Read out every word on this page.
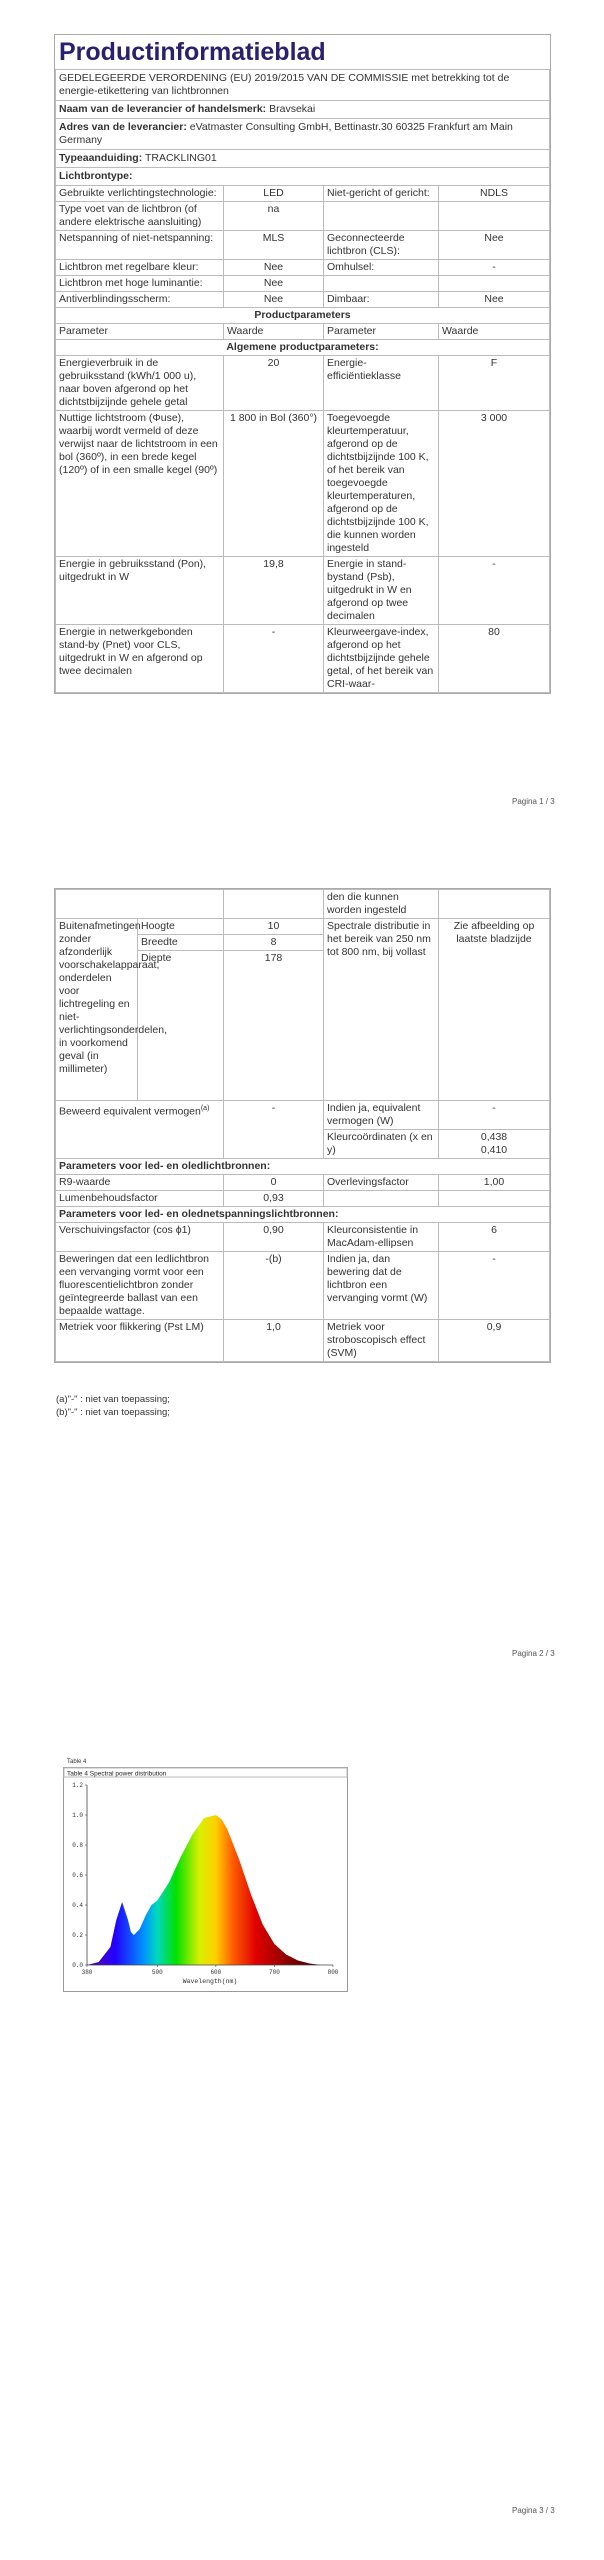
Productinformatieblad
GEDELEGEERDE VERORDENING (EU) 2019/2015 VAN DE COMMISSIE met betrekking tot de energie-etikettering van lichtbronnen			
Naam van de leverancier of handelsmerk: Bravsekai			
Adres van de leverancier: eVatmaster Consulting GmbH, Bettinastr.30 60325 Frankfurt am Main Germany			
Typeaanduiding: TRACKLING01			
Lichtbrontype:			
Gebruikte verlichtingstechnologie:	LED	Niet-gericht of gericht:	NDLS
Type voet van de lichtbron (of andere elektrische aansluiting)	na		
Netspanning of niet-netspanning:	MLS	Geconnecteerde lichtbron (CLS):	Nee
Lichtbron met regelbare kleur:	Nee	Omhulsel:	-
Lichtbron met hoge luminantie:	Nee		
Antiverblindingsscherm:	Nee	Dimbaar:	Nee
Productparameters			
Parameter	Waarde	Parameter	Waarde
Algemene productparameters:			
Energieverbruik in de gebruiksstand (kWh/1 000 u), naar boven afgerond op het dichtstbijzijnde gehele getal	20	Energie-efficiëntieklasse	F
Nuttige lichtstroom (Φuse), waarbij wordt vermeld of deze verwijst naar de lichtstroom in een bol (360º), in een brede kegel (120º) of in een smalle kegel (90º)	1 800 in Bol (360°)	Toegevoegde kleurtemperatuur, afgerond op de dichtstbijzijnde 100 K, of het bereik van toegevoegde kleurtemperaturen, afgerond op de dichtstbijzijnde 100 K, die kunnen worden ingesteld	3 000
Energie in gebruiksstand (Pon), uitgedrukt in W	19,8	Energie in stand-bystand (Psb), uitgedrukt in W en afgerond op twee decimalen	-
Energie in netwerkgebonden stand-by (Pnet) voor CLS, uitgedrukt in W en afgerond op twee decimalen	-	Kleurweergave-index, afgerond op het dichtstbijzijnde gehele getal, of het bereik van CRI-waar-	80
Pagina 1 / 3
			den die kunnen worden ingesteld	
Buitenafmetingen zonder afzonderlijk voorschakelapparaat, onderdelen voor lichtregeling en niet-verlichtingsonderdelen, in voorkomend geval (in millimeter)	Hoogte	10	Spectrale distributie in het bereik van 250 nm tot 800 nm, bij vollast	Zie afbeelding op laatste bladzijde
	Breedte	8		
	Diepte	178		
Beweerd equivalent vermogen$^{(a)}$		-	Indien ja, equivalent vermogen (W)	-
			Kleurcoördinaten (x en y)	0,438
0,410

Parameters voor led- en oledlichtbronnen:				
R9-waarde		0	Overlevingsfactor	1,00
Lumenbehoudsfactor		0,93		
Parameters voor led- en olednetspanningslichtbronnen:				
Verschuivingsfactor (cos ϕ1)		0,90	Kleurconsistentie in MacAdam-ellipsen	6
Beweringen dat een ledlichtbron een vervanging vormt voor een fluorescentielichtbron zonder geïntegreerde ballast van een bepaalde wattage.		-(b)	Indien ja, dan bewering dat de lichtbron een vervanging vormt (W)	-
Metriek voor flikkering (Pst LM)		1,0	Metriek voor stroboscopisch effect (SVM)	0,9
(a)"-" : niet van toepassing;
(b)"-" : niet van toepassing;
Pagina 2 / 3
Table 4
Table 4 Spectral power distribution
0.0
0.2
0.4
0.6
0.8
1.0
1.2
380	500	600	700	800
Wavelength(nm)
Pagina 3 / 3
